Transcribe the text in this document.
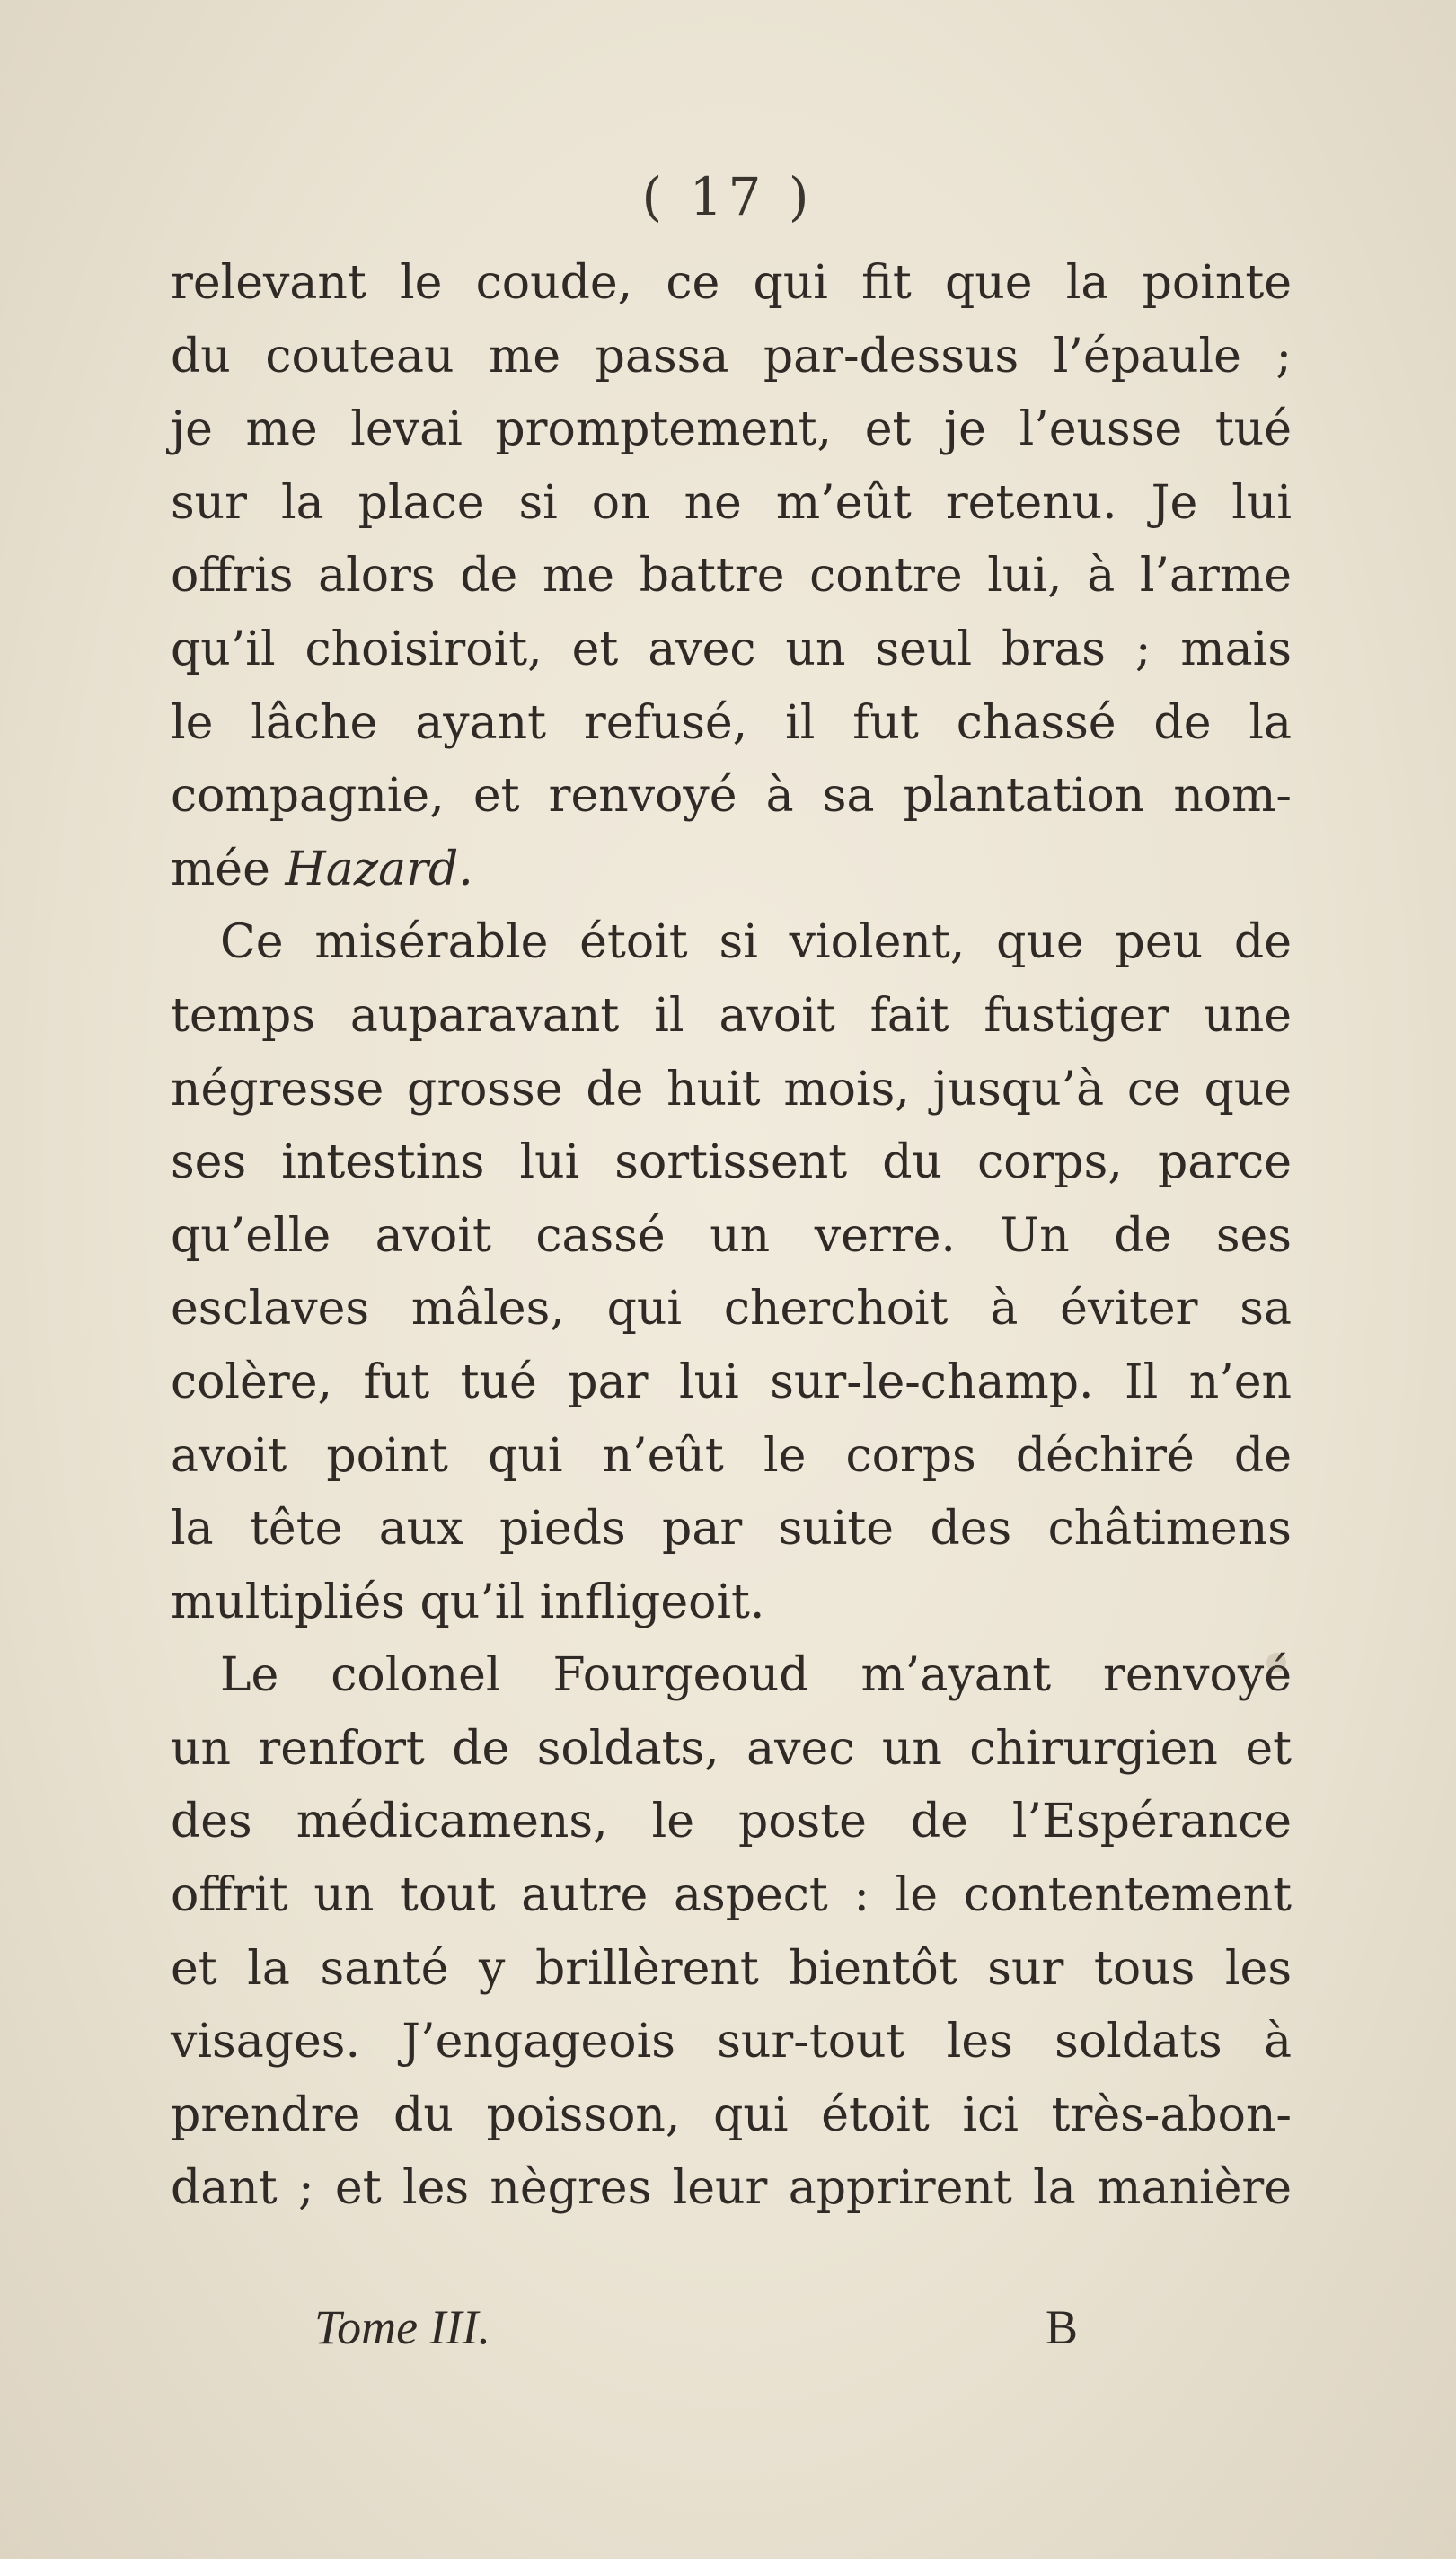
( 17 )
relevant le coude, ce qui fit que la pointe
du couteau me passa par-dessus l’épaule ;
je me levai promptement, et je l’eusse tué
sur la place si on ne m’eût retenu. Je lui
offris alors de me battre contre lui, à l’arme
qu’il choisiroit, et avec un seul bras ; mais
le lâche ayant refusé, il fut chassé de la
compagnie, et renvoyé à sa plantation nom-
mée Hazard.
Ce misérable étoit si violent, que peu de
temps auparavant il avoit fait fustiger une
négresse grosse de huit mois, jusqu’à ce que
ses intestins lui sortissent du corps, parce
qu’elle avoit cassé un verre. Un de ses
esclaves mâles, qui cherchoit à éviter sa
colère, fut tué par lui sur-le-champ. Il n’en
avoit point qui n’eût le corps déchiré de
la tête aux pieds par suite des châtimens
multipliés qu’il infligeoit.
Le colonel Fourgeoud m’ayant renvoyé
un renfort de soldats, avec un chirurgien et
des médicamens, le poste de l’Espérance
offrit un tout autre aspect : le contentement
et la santé y brillèrent bientôt sur tous les
visages. J’engageois sur-tout les soldats à
prendre du poisson, qui étoit ici très-abon-
dant ; et les nègres leur apprirent la manière
Tome III.	B
